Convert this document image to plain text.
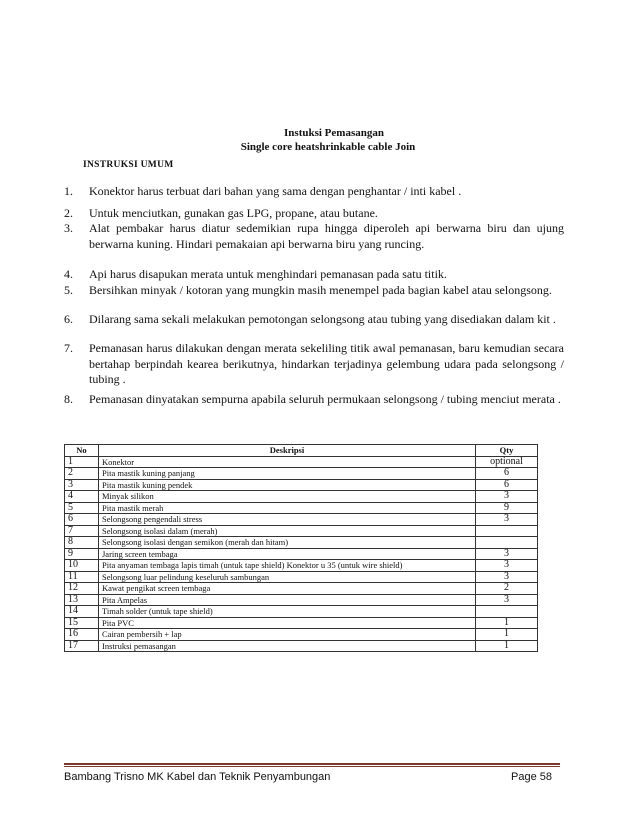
Instuksi Pemasangan
Single core heatshrinkable cable Join
INSTRUKSI UMUM
1.	Konektor harus terbuat dari bahan yang sama dengan penghantar / inti kabel .
2.	Untuk menciutkan, gunakan gas LPG, propane, atau butane.
3.	Alat pembakar harus diatur sedemikian rupa hingga diperoleh api berwarna biru dan ujung berwarna kuning. Hindari pemakaian api berwarna biru yang runcing.
4.	Api harus disapukan merata untuk menghindari pemanasan pada satu titik.
5.	Bersihkan minyak / kotoran yang mungkin masih menempel pada bagian kabel atau selongsong.
6.	Dilarang sama sekali melakukan pemotongan selongsong atau tubing yang disediakan dalam kit .
7.	Pemanasan harus dilakukan dengan merata sekeliling titik awal pemanasan, baru kemudian secara bertahap berpindah kearea berikutnya, hindarkan terjadinya gelembung udara pada selongsong / tubing .
8.	Pemanasan dinyatakan sempurna apabila seluruh permukaan selongsong / tubing menciut merata .
No	Deskripsi	Qty
1	Konektor	optional
2	Pita mastik kuning panjang	6
3	Pita mastik kuning pendek	6
4	Minyak silikon	3
5	Pita mastik merah	9
6	Selongsong pengendali stress	3
7	Selongsong isolasi dalam (merah)	
8	Selongsong isolasi dengan semikon (merah dan hitam)	
9	Jaring screen tembaga	3
10	Pita anyaman tembaga lapis timah (untuk tape shield) Konektor u 35 (untuk wire shield)	3
11	Selongsong luar pelindung keseluruh sambungan	3
12	Kawat pengikat screen tembaga	2
13	Pita Ampelas	3
14	Timah solder (untuk tape shield)	
15	Pita PVC	1
16	Cairan pembersih + lap	1
17	Instruksi pemasangan	1
Bambang Trisno MK Kabel dan Teknik Penyambungan	Page 58
